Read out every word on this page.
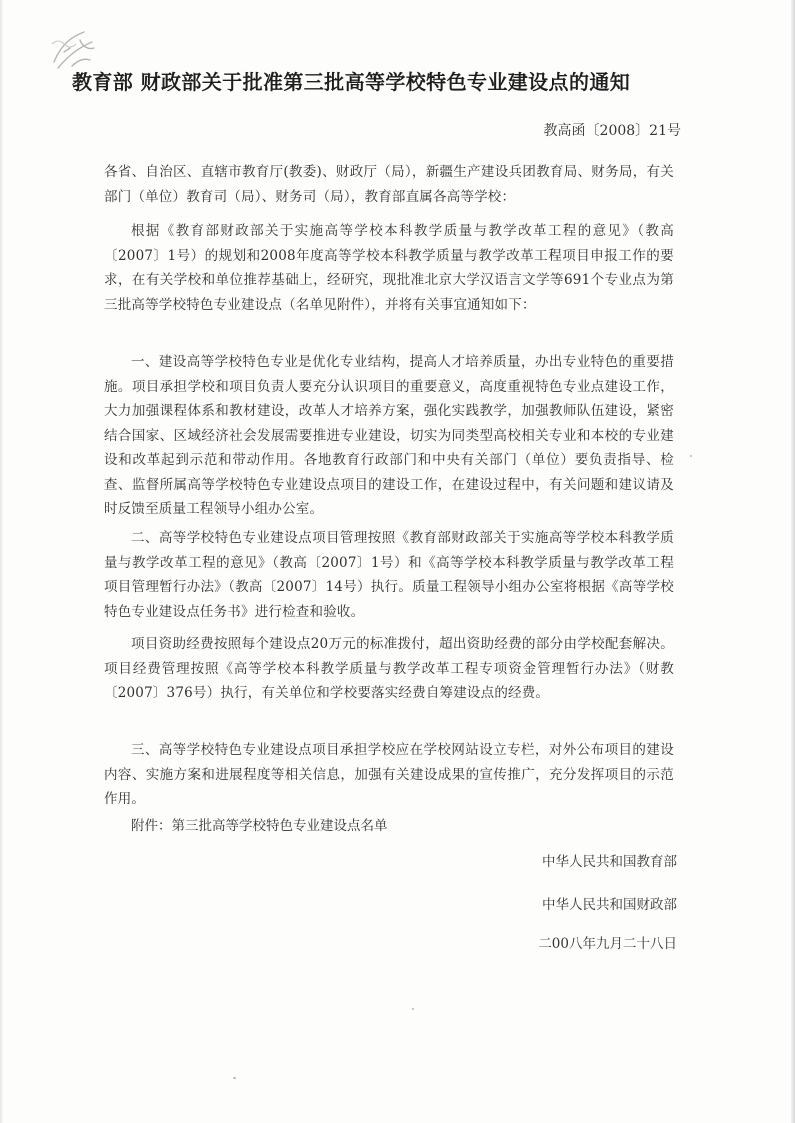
教育部 财政部关于批准第三批高等学校特色专业建设点的通知
教高函〔2008〕21号
各省、自治区、直辖市教育厅(教委)、财政厅（局），新疆生产建设兵团教育局、财务局，有关部门（单位）教育司（局）、财务司（局），教育部直属各高等学校：
根据《教育部财政部关于实施高等学校本科教学质量与教学改革工程的意见》（教高〔2007〕1号）的规划和2008年度高等学校本科教学质量与教学改革工程项目申报工作的要求，在有关学校和单位推荐基础上，经研究，现批准北京大学汉语言文学等691个专业点为第三批高等学校特色专业建设点（名单见附件），并将有关事宜通知如下：
一、建设高等学校特色专业是优化专业结构，提高人才培养质量，办出专业特色的重要措施。项目承担学校和项目负责人要充分认识项目的重要意义，高度重视特色专业点建设工作，大力加强课程体系和教材建设，改革人才培养方案，强化实践教学，加强教师队伍建设，紧密结合国家、区域经济社会发展需要推进专业建设，切实为同类型高校相关专业和本校的专业建设和改革起到示范和带动作用。各地教育行政部门和中央有关部门（单位）要负责指导、检查、监督所属高等学校特色专业建设点项目的建设工作，在建设过程中，有关问题和建议请及时反馈至质量工程领导小组办公室。
二、高等学校特色专业建设点项目管理按照《教育部财政部关于实施高等学校本科教学质量与教学改革工程的意见》（教高〔2007〕1号）和《高等学校本科教学质量与教学改革工程项目管理暂行办法》（教高〔2007〕14号）执行。质量工程领导小组办公室将根据《高等学校特色专业建设点任务书》进行检查和验收。
项目资助经费按照每个建设点20万元的标准拨付，超出资助经费的部分由学校配套解决。项目经费管理按照《高等学校本科教学质量与教学改革工程专项资金管理暂行办法》（财教〔2007〕376号）执行，有关单位和学校要落实经费自筹建设点的经费。
三、高等学校特色专业建设点项目承担学校应在学校网站设立专栏，对外公布项目的建设内容、实施方案和进展程度等相关信息，加强有关建设成果的宣传推广，充分发挥项目的示范作用。
附件：第三批高等学校特色专业建设点名单
中华人民共和国教育部
中华人民共和国财政部
二00八年九月二十八日
